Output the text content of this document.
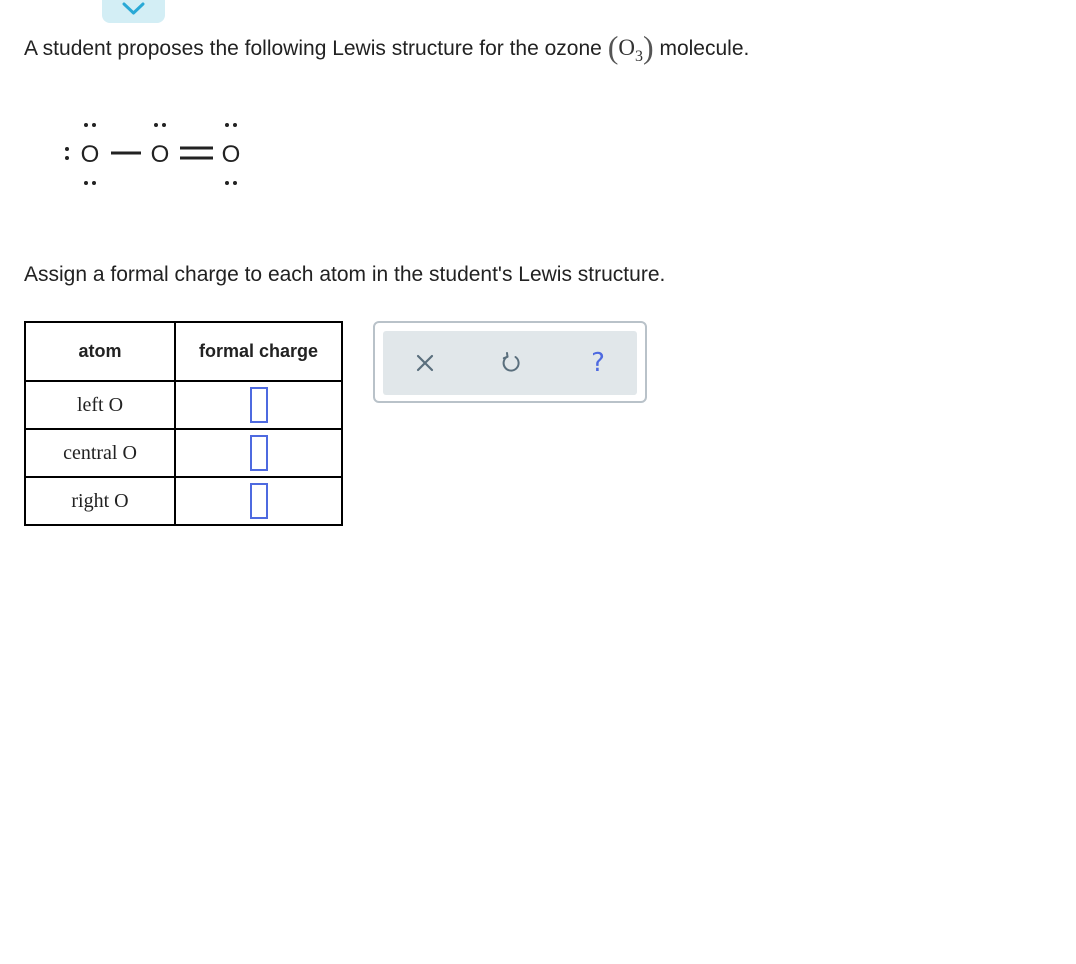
A student proposes the following Lewis structure for the ozone $(O_3)$ molecule.
O O O
Assign a formal charge to each atom in the student's Lewis structure.
atom	formal charge
left O	
central O	
right O	
?
